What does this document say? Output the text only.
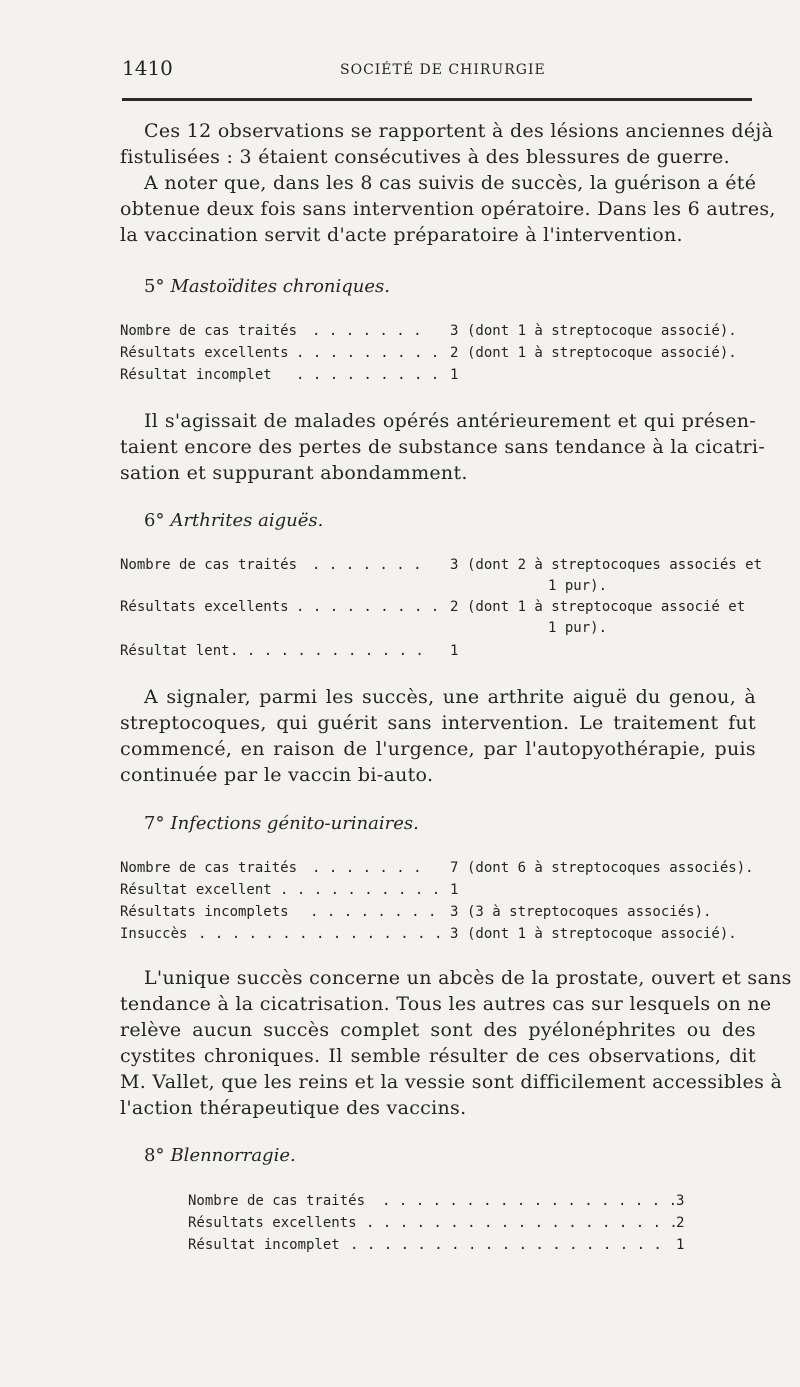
1410	SOCIÉTÉ DE CHIRURGIE
Ces 12 observations se rapportent à des lésions anciennes déjà
fistulisées : 3 étaient consécutives à des blessures de guerre.
A noter que, dans les 8 cas suivis de succès, la guérison a été
obtenue deux fois sans intervention opératoire. Dans les 6 autres,
la vaccination servit d'acte préparatoire à l'intervention.
5° Mastoïdites chroniques.
Nombre de cas traités . . . . . . . 3 (dont 1 à streptocoque associé).
Résultats excellents . . . . . . . . . 2 (dont 1 à streptocoque associé).
Résultat incomplet . . . . . . . . . 1
Il s'agissait de malades opérés antérieurement et qui présen-
taient encore des pertes de substance sans tendance à la cicatri-
sation et suppurant abondamment.
6° Arthrites aiguës.
Nombre de cas traités . . . . . . . 3 (dont 2 à streptocoques associés et
1 pur).
Résultats excellents . . . . . . . . . 2 (dont 1 à streptocoque associé et
1 pur).
Résultat lent . . . . . . . . . . . . 1
A signaler, parmi les succès, une arthrite aiguë du genou, à
streptocoques, qui guérit sans intervention. Le traitement fut
commencé, en raison de l'urgence, par l'autopyothérapie, puis
continuée par le vaccin bi-auto.
7° Infections génito-urinaires.
Nombre de cas traités . . . . . . . 7 (dont 6 à streptocoques associés).
Résultat excellent . . . . . . . . . . 1
Résultats incomplets . . . . . . . . 3 (3 à streptocoques associés).
Insuccès . . . . . . . . . . . . . . . 3 (dont 1 à streptocoque associé).
L'unique succès concerne un abcès de la prostate, ouvert et sans
tendance à la cicatrisation. Tous les autres cas sur lesquels on ne
relève aucun succès complet sont des pyélonéphrites ou des
cystites chroniques. Il semble résulter de ces observations, dit
M. Vallet, que les reins et la vessie sont difficilement accessibles à
l'action thérapeutique des vaccins.
8° Blennorragie.
Nombre de cas traités . . . . . . . . . . . . . . . . . .
3
Résultats excellents . . . . . . . . . . . . . . . . . . .
2
Résultat incomplet . . . . . . . . . . . . . . . . . . . 1
